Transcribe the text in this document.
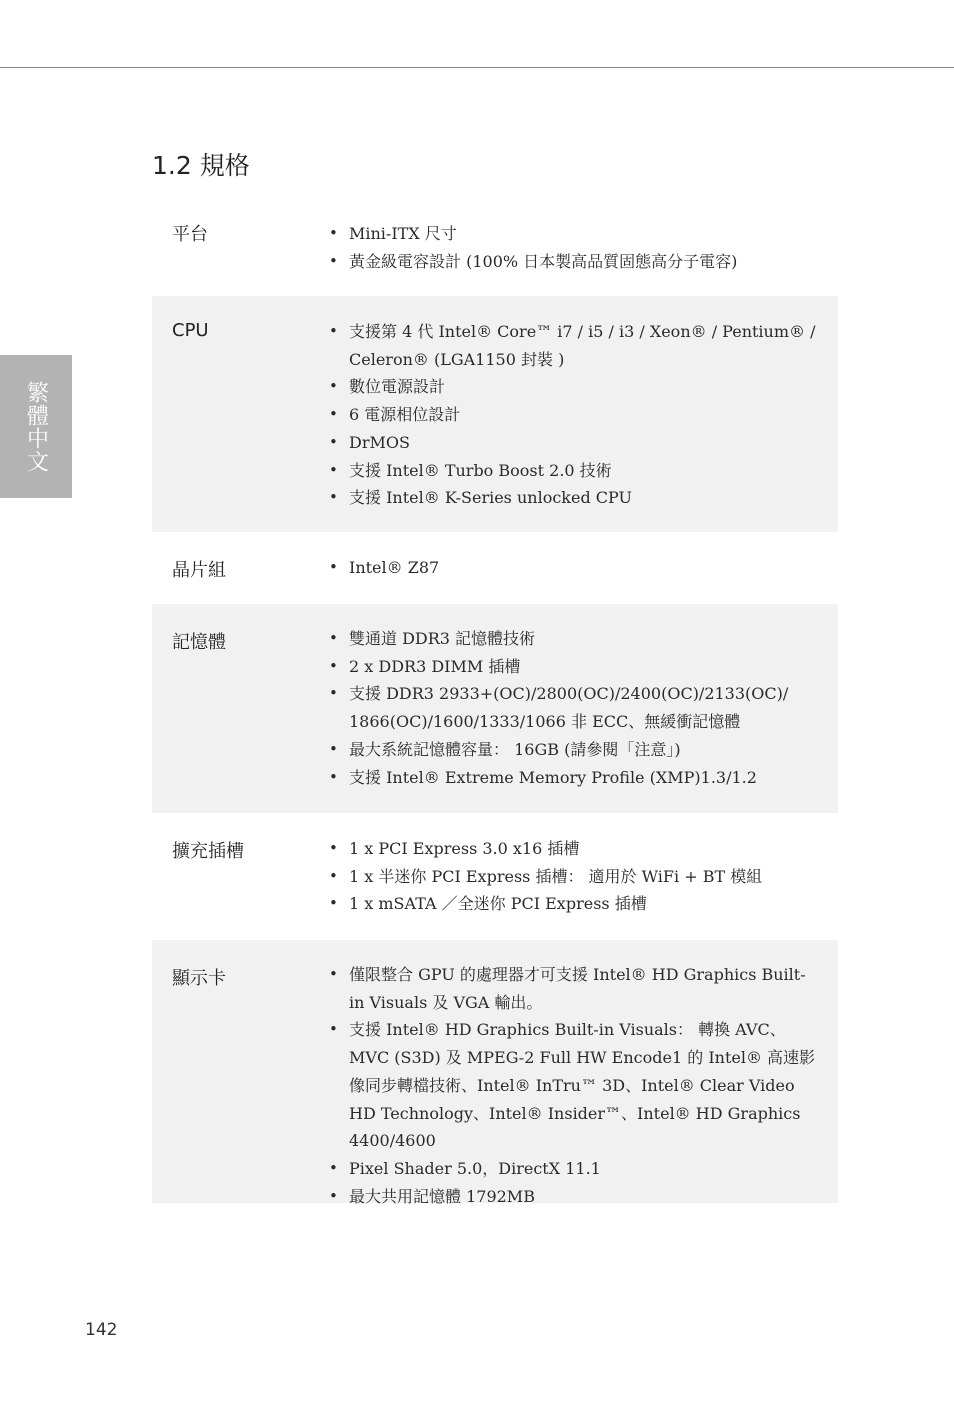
繁體中文
1.2 規格
平台	• Mini-ITX 尺寸
• 黃金級電容設計 (100% 日本製高品質固態高分子電容)
CPU	• 支援第 4 代 Intel® Core™ i7 / i5 / i3 / Xeon® / Pentium® / Celeron® (LGA1150 封裝 )
• 數位電源設計
• 6 電源相位設計
• DrMOS
• 支援 Intel® Turbo Boost 2.0 技術
• 支援 Intel® K-Series unlocked CPU
晶片組	• Intel® Z87
記憶體	• 雙通道 DDR3 記憶體技術
• 2 x DDR3 DIMM 插槽
• 支援 DDR3 2933+(OC)/2800(OC)/2400(OC)/2133(OC)/ 1866(OC)/1600/1333/1066 非 ECC、無緩衝記憶體
• 最大系統記憶體容量： 16GB (請參閱「注意」)
• 支援 Intel® Extreme Memory Profile (XMP)1.3/1.2
擴充插槽	• 1 x PCI Express 3.0 x16 插槽
• 1 x 半迷你 PCI Express 插槽： 適用於 WiFi + BT 模組
• 1 x mSATA ／全迷你 PCI Express 插槽
顯示卡	• 僅限整合 GPU 的處理器才可支援 Intel® HD Graphics Built-in Visuals 及 VGA 輸出。
• 支援 Intel® HD Graphics Built-in Visuals： 轉換 AVC、MVC (S3D) 及 MPEG-2 Full HW Encode1 的 Intel® 高速影像同步轉檔技術、Intel® InTru™ 3D、Intel® Clear Video HD Technology、Intel® Insider™、Intel® HD Graphics 4400/4600
• Pixel Shader 5.0，DirectX 11.1
• 最大共用記憶體 1792MB
142
